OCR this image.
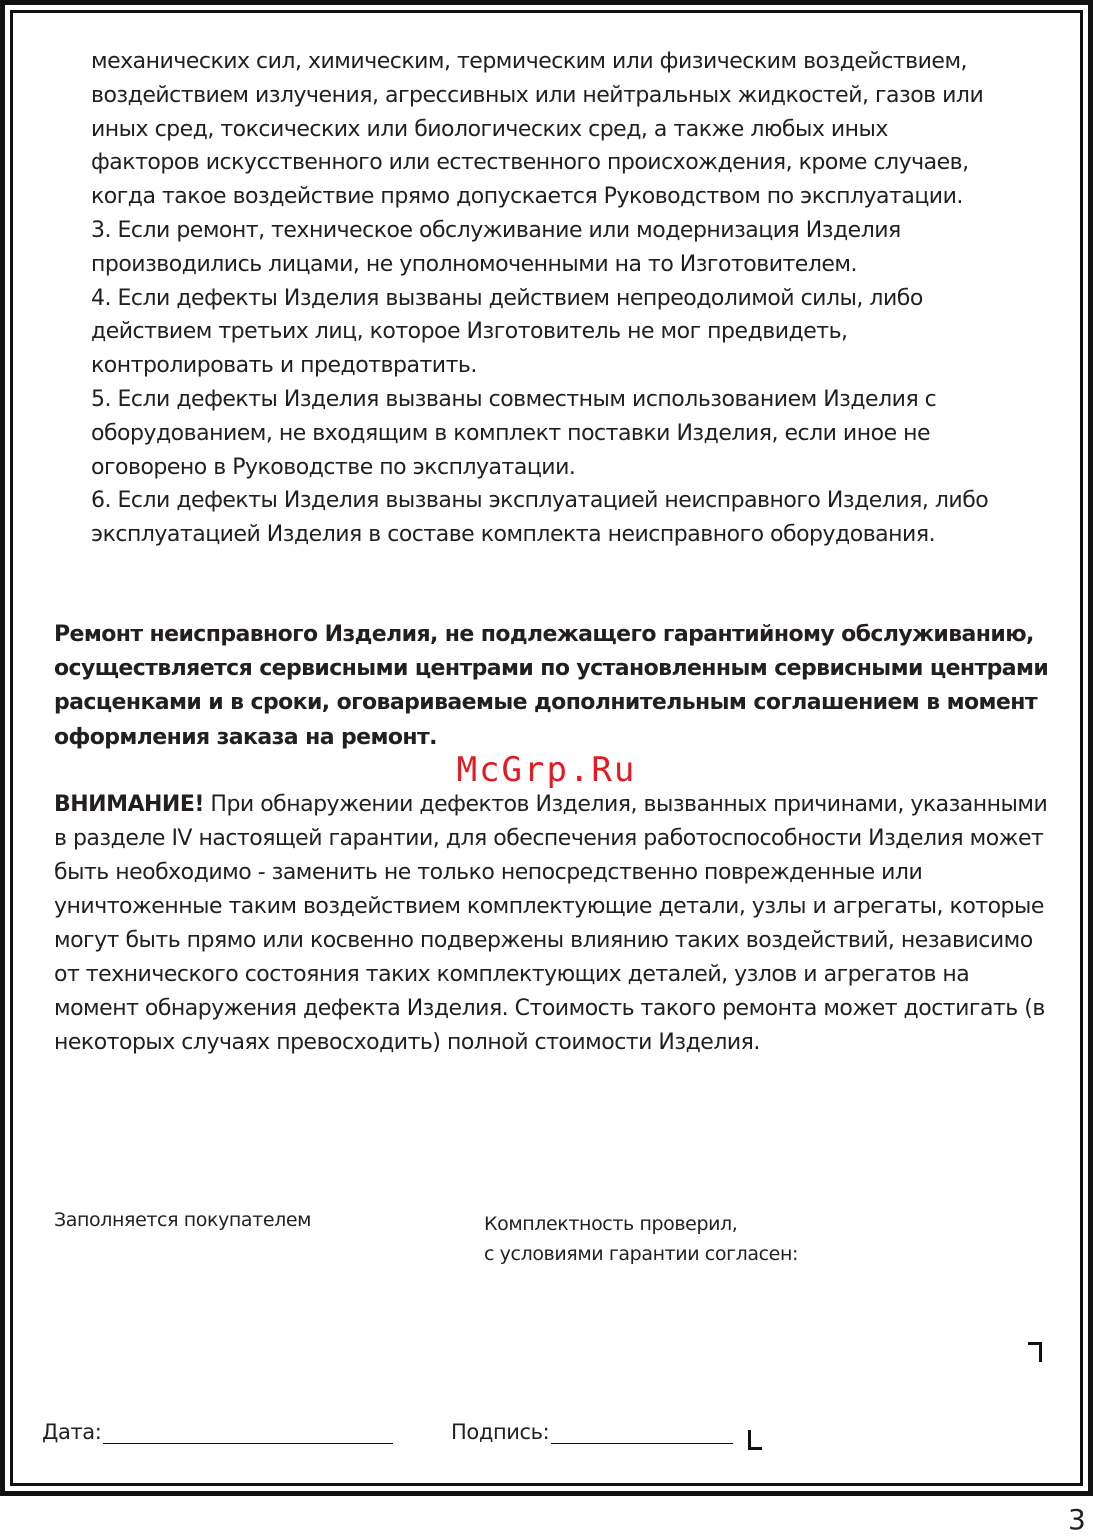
механических сил, химическим, термическим или физическим воздействием,

воздействием излучения, агрессивных или нейтральных жидкостей, газов или

иных сред, токсических или биологических сред, а также любых иных

факторов искусственного или естественного происхождения, кроме случаев,

когда такое воздействие прямо допускается Руководством по эксплуатации.

3. Если ремонт, техническое обслуживание или модернизация Изделия

производились лицами, не уполномоченными на то Изготовителем.

4. Если дефекты Изделия вызваны действием непреодолимой силы, либо

действием третьих лиц, которое Изготовитель не мог предвидеть,

контролировать и предотвратить.

5. Если дефекты Изделия вызваны совместным использованием Изделия с

оборудованием, не входящим в комплект поставки Изделия, если иное не

оговорено в Руководстве по эксплуатации.

6. Если дефекты Изделия вызваны эксплуатацией неисправного Изделия, либо

эксплуатацией Изделия в составе комплекта неисправного оборудования.

Ремонт неисправного Изделия, не подлежащего гарантийному обслуживанию, осуществляется сервисными центрами по установленным сервисными центрами расценками и в сроки, оговариваемые дополнительным соглашением в момент оформления заказа на ремонт.

McGrp.Ru

ВНИМАНИЕ! При обнаружении дефектов Изделия, вызванных причинами, указанными в разделе IV настоящей гарантии, для обеспечения работоспособности Изделия может быть необходимо - заменить не только непосредственно поврежденные или уничтоженные таким воздействием комплектующие детали, узлы и агрегаты, которые могут быть прямо или косвенно подвержены влиянию таких воздействий, независимо от технического состояния таких комплектующих деталей, узлов и агрегатов на момент обнаружения дефекта Изделия. Стоимость такого ремонта может достигать (в некоторых случаях превосходить) полной стоимости Изделия.

Заполняется покупателем	Комплектность проверил,
с условиями гарантии согласен:

Дата:	Подпись:
3
